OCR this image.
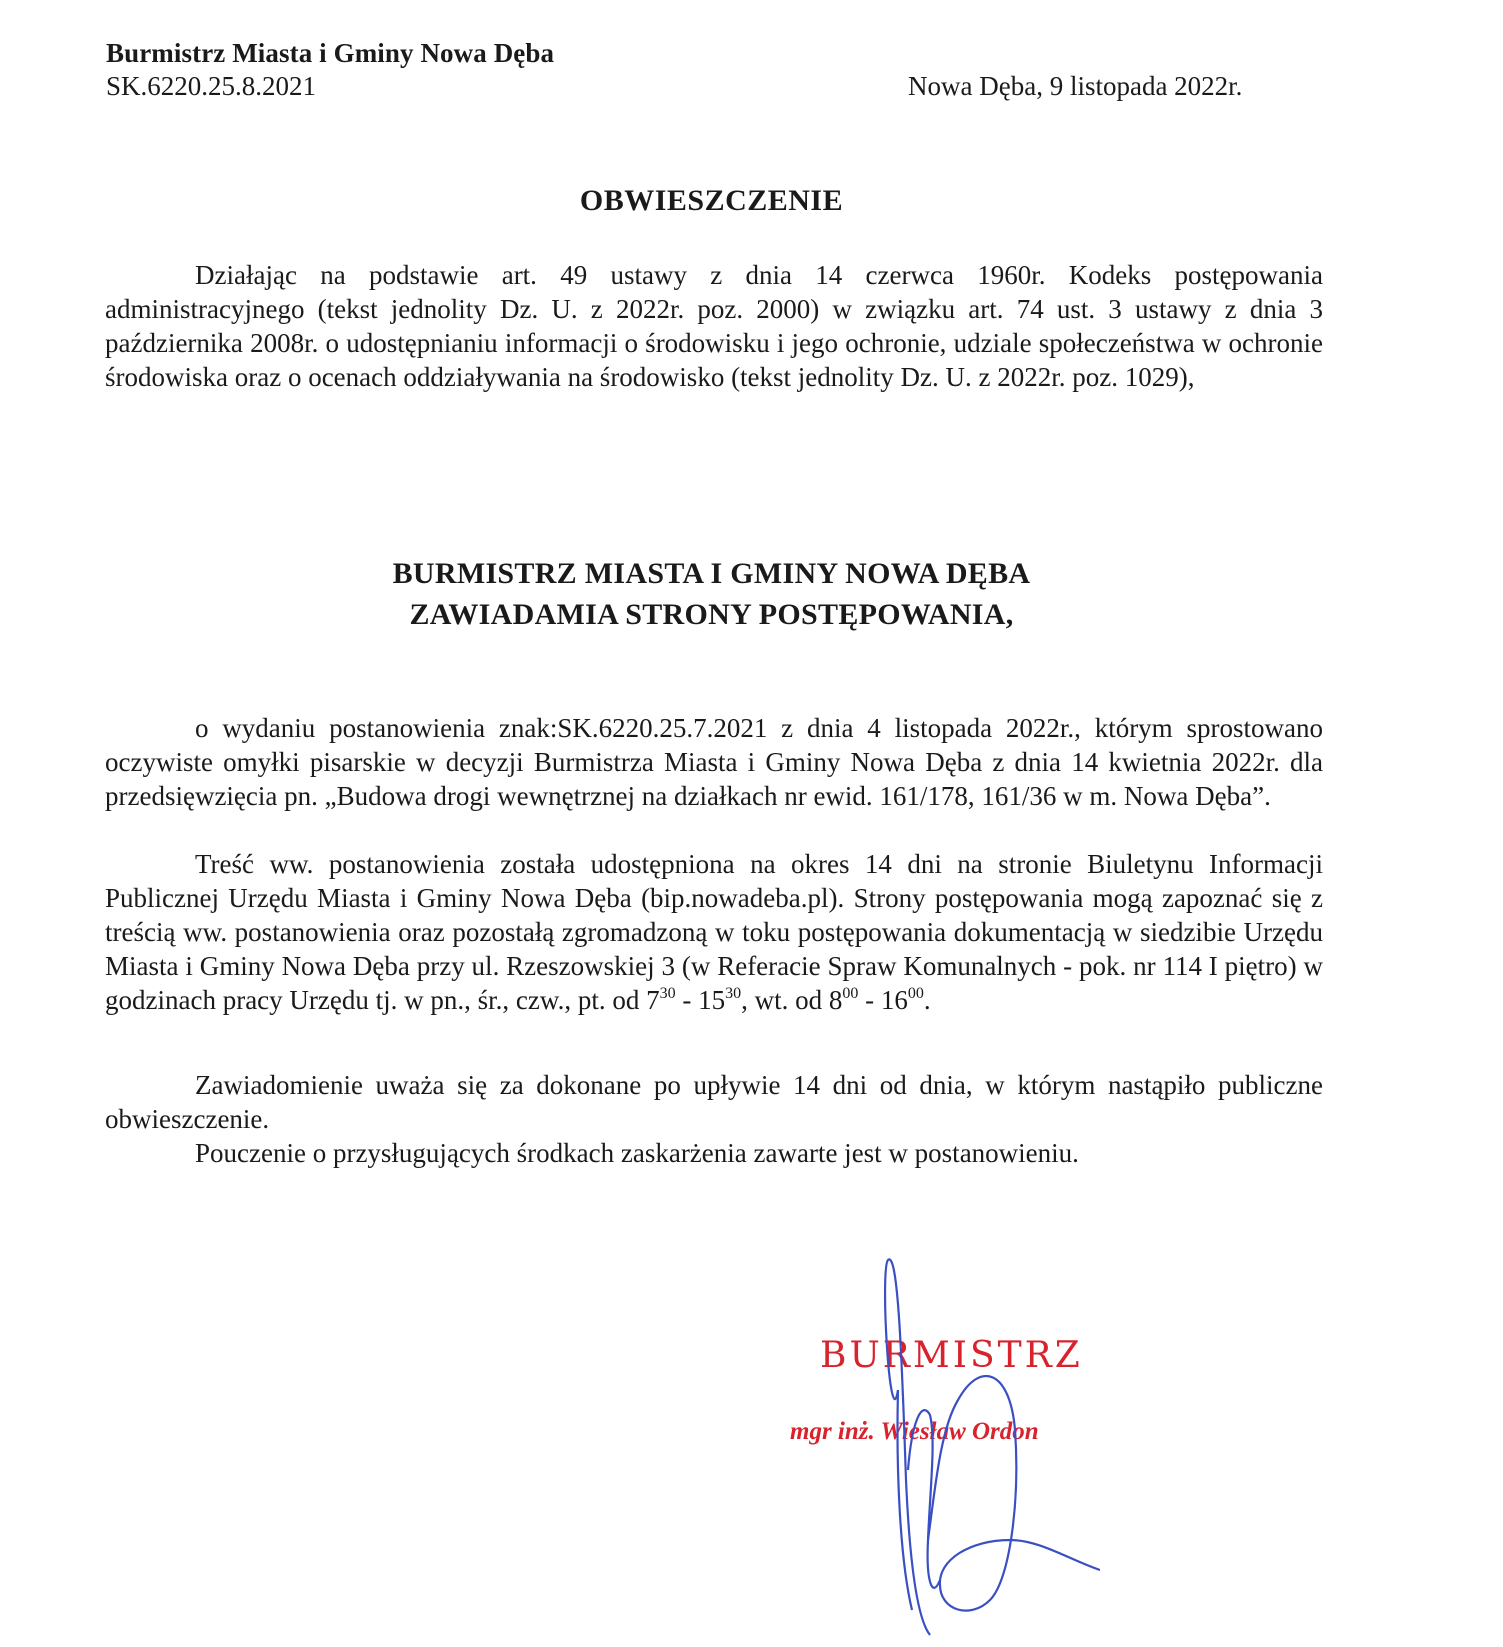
Burmistrz Miasta i Gminy Nowa Dęba
SK.6220.25.8.2021	Nowa Dęba, 9 listopada 2022r.
OBWIESZCZENIE

Działając na podstawie art. 49 ustawy z dnia 14 czerwca 1960r. Kodeks postępowania administracyjnego (tekst jednolity Dz. U. z 2022r. poz. 2000) w związku art. 74 ust. 3 ustawy z dnia 3 października 2008r. o udostępnianiu informacji o środowisku i jego ochronie, udziale społeczeństwa w ochronie środowiska oraz o ocenach oddziaływania na środowisko (tekst jednolity Dz. U. z 2022r. poz. 1029),

BURMISTRZ MIASTA I GMINY NOWA DĘBA
ZAWIADAMIA STRONY POSTĘPOWANIA,

o wydaniu postanowienia znak:SK.6220.25.7.2021 z dnia 4 listopada 2022r., którym sprostowano oczywiste omyłki pisarskie w decyzji Burmistrza Miasta i Gminy Nowa Dęba z dnia 14 kwietnia 2022r. dla przedsięwzięcia pn. „Budowa drogi wewnętrznej na działkach nr ewid. 161/178, 161/36 w m. Nowa Dęba”.

Treść ww. postanowienia została udostępniona na okres 14 dni na stronie Biuletynu Informacji Publicznej Urzędu Miasta i Gminy Nowa Dęba (bip.nowadeba.pl). Strony postępowania mogą zapoznać się z treścią ww. postanowienia oraz pozostałą zgromadzoną w toku postępowania dokumentacją w siedzibie Urzędu Miasta i Gminy Nowa Dęba przy ul. Rzeszowskiej 3 (w Referacie Spraw Komunalnych - pok. nr 114 I piętro) w godzinach pracy Urzędu tj. w pn., śr., czw., pt. od $7^{30} - 15^{30}$, wt. od $8^{00} - 16^{00}$.

Zawiadomienie uważa się za dokonane po upływie 14 dni od dnia, w którym nastąpiło publiczne obwieszczenie.

Pouczenie o przysługujących środkach zaskarżenia zawarte jest w postanowieniu.

BURMISTRZ
mgr inż. Wiesław Ordon
